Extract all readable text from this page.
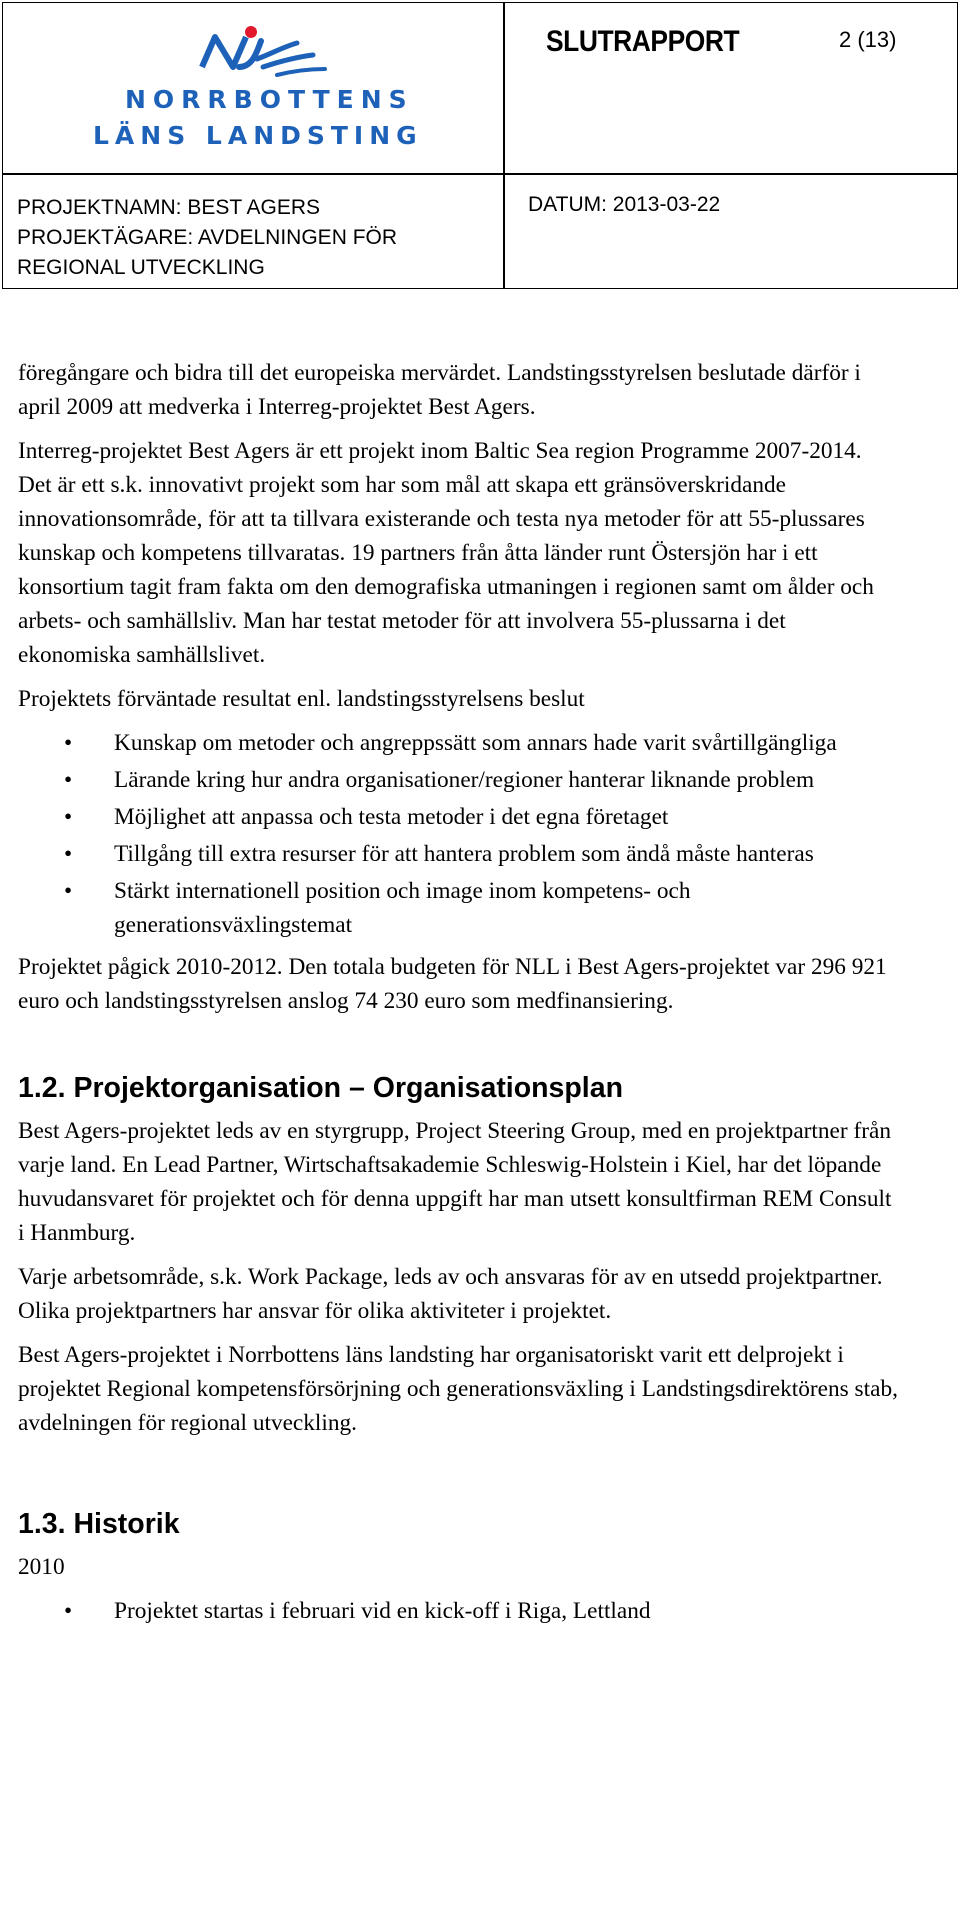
NORRBOTTENS
LÄNS LANDSTING
SLUTRAPPORT	2 (13)
PROJEKTNAMN: BEST AGERS
PROJEKTÄGARE: AVDELNINGEN FÖR
REGIONAL UTVECKLING
DATUM: 2013-03-22

föregångare och bidra till det europeiska mervärdet. Landstingsstyrelsen beslutade därför i april 2009 att medverka i Interreg-projektet Best Agers.

Interreg-projektet Best Agers är ett projekt inom Baltic Sea region Programme 2007-2014. Det är ett s.k. innovativt projekt som har som mål att skapa ett gränsöverskridande innovationsområde, för att ta tillvara existerande och testa nya metoder för att 55-plussares kunskap och kompetens tillvaratas. 19 partners från åtta länder runt Östersjön har i ett konsortium tagit fram fakta om den demografiska utmaningen i regionen samt om ålder och arbets- och samhällsliv. Man har testat metoder för att involvera 55-plussarna i det ekonomiska samhällslivet.

Projektets förväntade resultat enl. landstingsstyrelsens beslut

• Kunskap om metoder och angreppssätt som annars hade varit svårtillgängliga
• Lärande kring hur andra organisationer/regioner hanterar liknande problem
• Möjlighet att anpassa och testa metoder i det egna företaget
• Tillgång till extra resurser för att hantera problem som ändå måste hanteras
• Stärkt internationell position och image inom kompetens- och generationsväxlingstemat

Projektet pågick 2010-2012. Den totala budgeten för NLL i Best Agers-projektet var 296 921 euro och landstingsstyrelsen anslog 74 230 euro som medfinansiering.

1.2. Projektorganisation – Organisationsplan

Best Agers-projektet leds av en styrgrupp, Project Steering Group, med en projektpartner från varje land. En Lead Partner, Wirtschaftsakademie Schleswig-Holstein i Kiel, har det löpande huvudansvaret för projektet och för denna uppgift har man utsett konsultfirman REM Consult i Hanmburg.

Varje arbetsområde, s.k. Work Package, leds av och ansvaras för av en utsedd projektpartner. Olika projektpartners har ansvar för olika aktiviteter i projektet.

Best Agers-projektet i Norrbottens läns landsting har organisatoriskt varit ett delprojekt i projektet Regional kompetensförsörjning och generationsväxling i Landstingsdirektörens stab, avdelningen för regional utveckling.

1.3. Historik

2010

• Projektet startas i februari vid en kick-off i Riga, Lettland
